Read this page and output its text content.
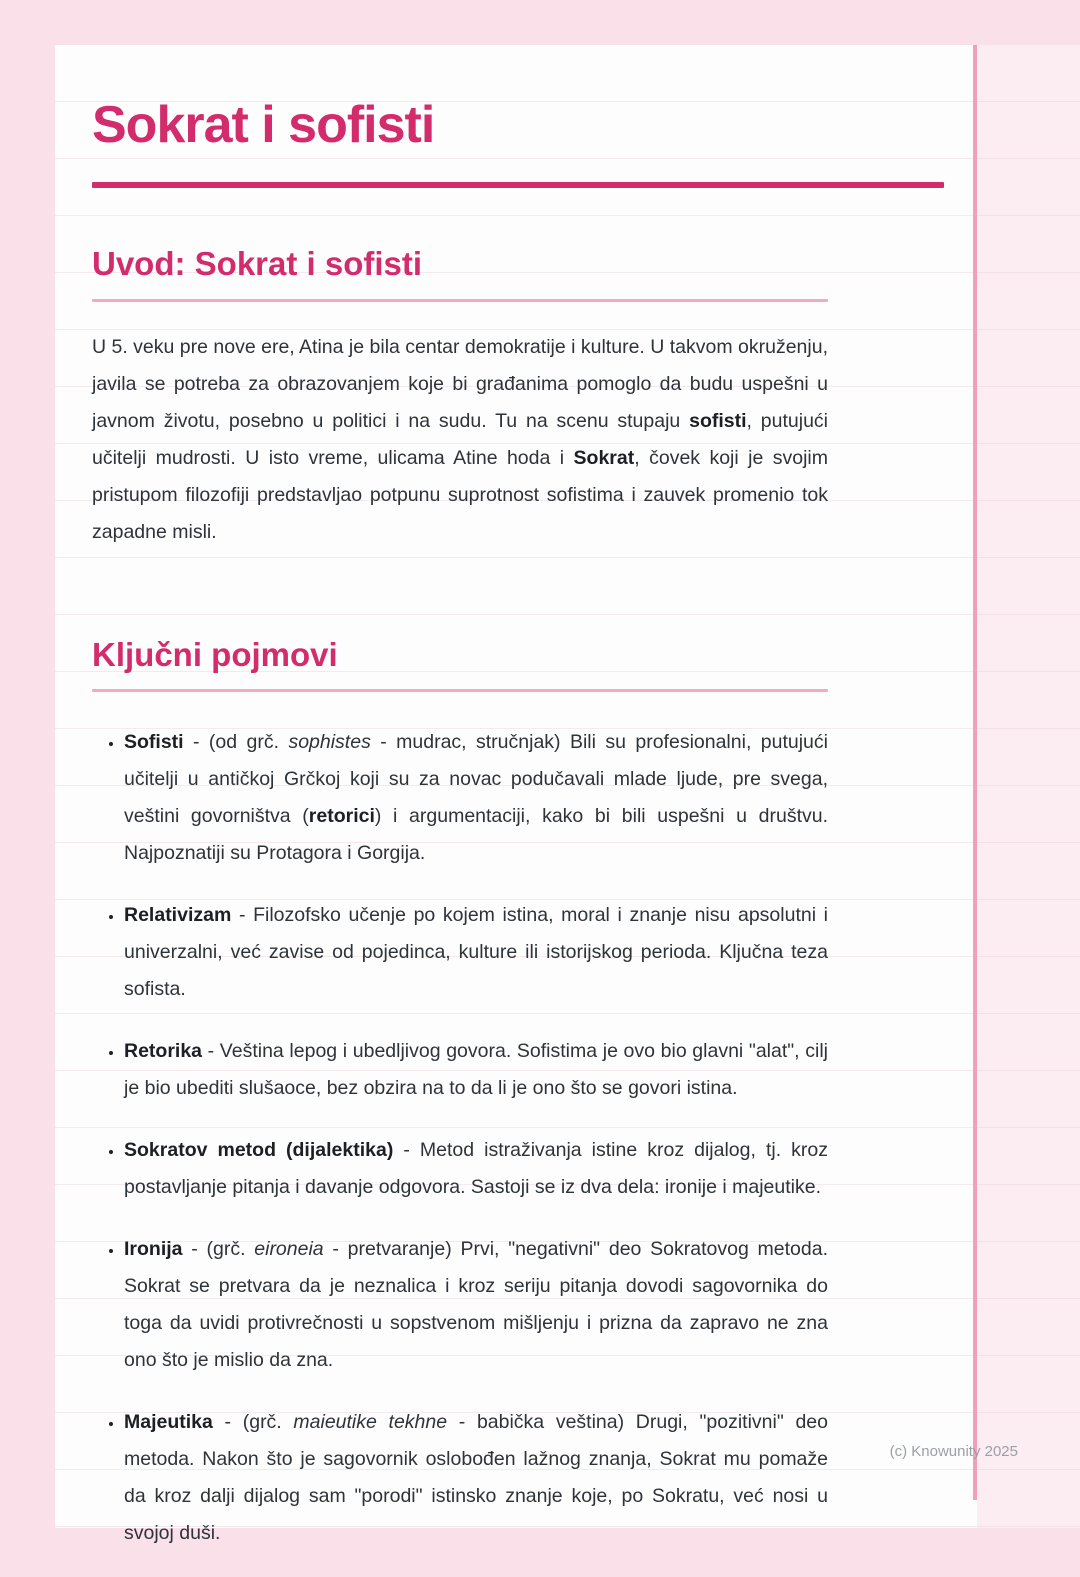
Sokrat i sofisti
Uvod: Sokrat i sofisti

U 5. veku pre nove ere, Atina je bila centar demokratije i kulture. U takvom okruženju, javila se potreba za obrazovanjem koje bi građanima pomoglo da budu uspešni u javnom životu, posebno u politici i na sudu. Tu na scenu stupaju sofisti, putujući učitelji mudrosti. U isto vreme, ulicama Atine hoda i Sokrat, čovek koji je svojim pristupom filozofiji predstavljao potpunu suprotnost sofistima i zauvek promenio tok zapadne misli.

Ključni pojmovi
• Sofisti - (od grč. sophistes - mudrac, stručnjak) Bili su profesionalni, putujući učitelji u antičkoj Grčkoj koji su za novac podučavali mlade ljude, pre svega, veštini govorništva (retorici) i argumentaciji, kako bi bili uspešni u društvu. Najpoznatiji su Protagora i Gorgija.
• Relativizam - Filozofsko učenje po kojem istina, moral i znanje nisu apsolutni i univerzalni, već zavise od pojedinca, kulture ili istorijskog perioda. Ključna teza sofista.
• Retorika - Veština lepog i ubedljivog govora. Sofistima je ovo bio glavni "alat", cilj je bio ubediti slušaoce, bez obzira na to da li je ono što se govori istina.
• Sokratov metod (dijalektika) - Metod istraživanja istine kroz dijalog, tj. kroz postavljanje pitanja i davanje odgovora. Sastoji se iz dva dela: ironije i majeutike.
• Ironija - (grč. eironeia - pretvaranje) Prvi, "negativni" deo Sokratovog metoda. Sokrat se pretvara da je neznalica i kroz seriju pitanja dovodi sagovornika do toga da uvidi protivrečnosti u sopstvenom mišljenju i prizna da zapravo ne zna ono što je mislio da zna.
• Majeutika - (grč. maieutike tekhne - babička veština) Drugi, "pozitivni" deo metoda. Nakon što je sagovornik oslobođen lažnog znanja, Sokrat mu pomaže da kroz dalji dijalog sam "porodi" istinsko znanje koje, po Sokratu, već nosi u svojoj duši.
(c) Knowunity 2025
